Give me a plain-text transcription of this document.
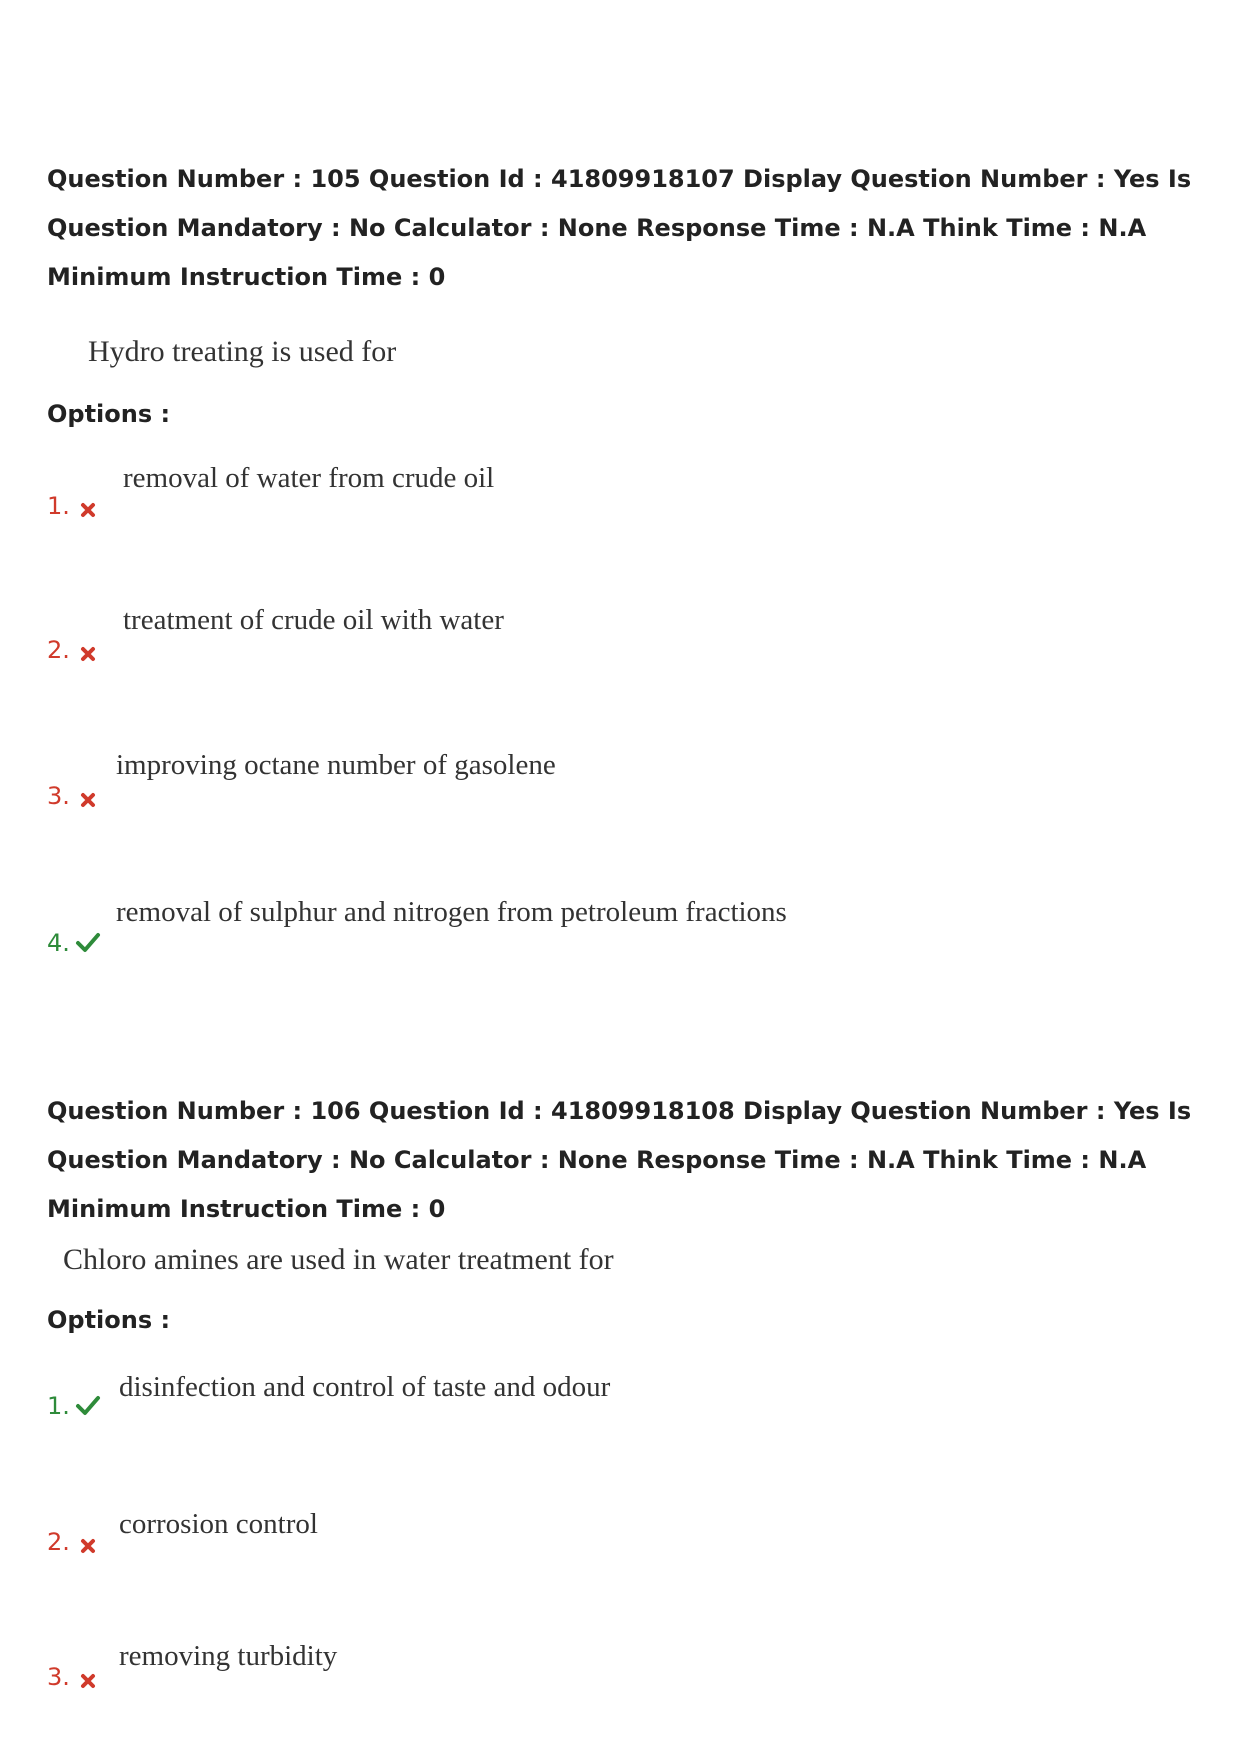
Question Number : 105 Question Id : 41809918107 Display Question Number : Yes Is Question Mandatory : No Calculator : None Response Time : N.A Think Time : N.A Minimum Instruction Time : 0

Hydro treating is used for
Options :
1.
removal of water from crude oil
2.
treatment of crude oil with water
3.
improving octane number of gasolene
4.
removal of sulphur and nitrogen from petroleum fractions

Question Number : 106 Question Id : 41809918108 Display Question Number : Yes Is Question Mandatory : No Calculator : None Response Time : N.A Think Time : N.A Minimum Instruction Time : 0

Chloro amines are used in water treatment for
Options :
1.
disinfection and control of taste and odour
2.
corrosion control
3.
removing turbidity
